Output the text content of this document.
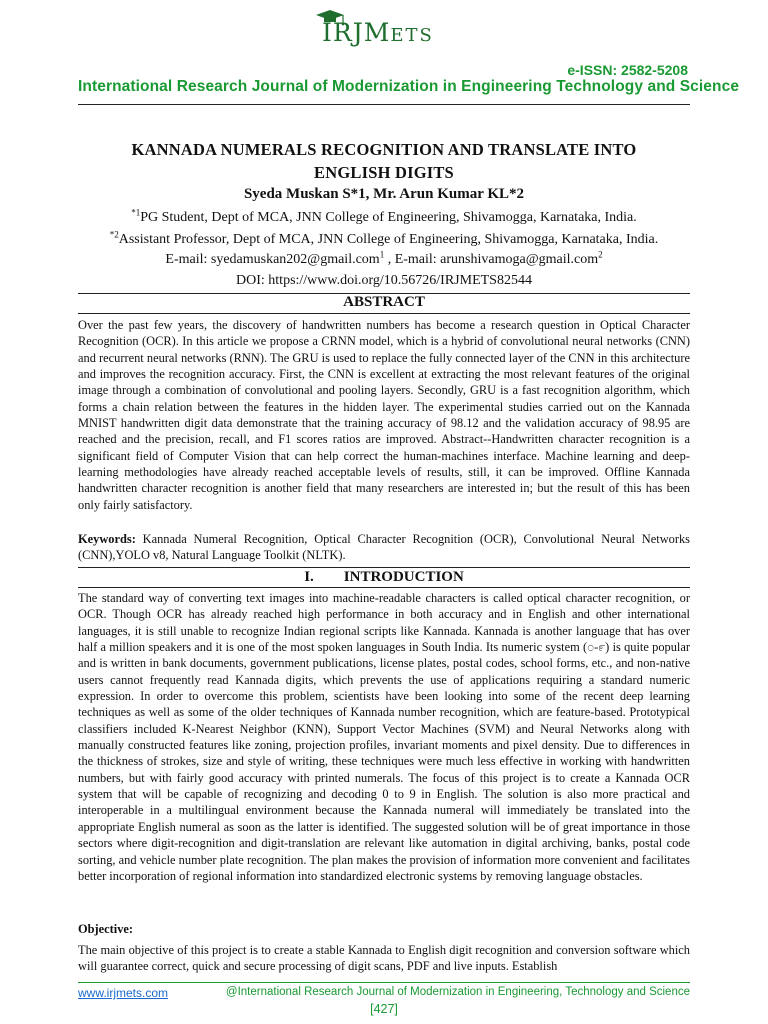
IRJMETS
e-ISSN: 2582-5208
International Research Journal of Modernization in Engineering Technology and Science
KANNADA NUMERALS RECOGNITION AND TRANSLATE INTO
ENGLISH DIGITS
Syeda Muskan S*1, Mr. Arun Kumar KL*2
$^{*1}$PG Student, Dept of MCA, JNN College of Engineering, Shivamogga, Karnataka, India.
$^{*2}$Assistant Professor, Dept of MCA, JNN College of Engineering, Shivamogga, Karnataka, India.
E-mail: syedamuskan202@gmail.com$^1$ , E-mail: arunshivamoga@gmail.com$^2$
DOI: https://www.doi.org/10.56726/IRJMETS82544
ABSTRACT

Over the past few years, the discovery of handwritten numbers has become a research question in Optical Character Recognition (OCR). In this article we propose a CRNN model, which is a hybrid of convolutional neural networks (CNN) and recurrent neural networks (RNN). The GRU is used to replace the fully connected layer of the CNN in this architecture and improves the recognition accuracy. First, the CNN is excellent at extracting the most relevant features of the original image through a combination of convolutional and pooling layers. Secondly, GRU is a fast recognition algorithm, which forms a chain relation between the features in the hidden layer. The experimental studies carried out on the Kannada MNIST handwritten digit data demonstrate that the training accuracy of 98.12 and the validation accuracy of 98.95 are reached and the precision, recall, and F1 scores ratios are improved. Abstract--Handwritten character recognition is a significant field of Computer Vision that can help correct the human-machines interface. Machine learning and deep-learning methodologies have already reached acceptable levels of results, still, it can be improved. Offline Kannada handwritten character recognition is another field that many researchers are interested in; but the result of this has been only fairly satisfactory.

Keywords: Kannada Numeral Recognition, Optical Character Recognition (OCR), Convolutional Neural Networks (CNN),YOLO v8, Natural Language Toolkit (NLTK).

I.        INTRODUCTION

The standard way of converting text images into machine-readable characters is called optical character recognition, or OCR. Though OCR has already reached high performance in both accuracy and in English and other international languages, it is still unable to recognize Indian regional scripts like Kannada. Kannada is another language that has over half a million speakers and it is one of the most spoken languages in South India. Its numeric system (೦-೯) is quite popular and is written in bank documents, government publications, license plates, postal codes, school forms, etc., and non-native users cannot frequently read Kannada digits, which prevents the use of applications requiring a standard numeric expression. In order to overcome this problem, scientists have been looking into some of the recent deep learning techniques as well as some of the older techniques of Kannada number recognition, which are feature-based. Prototypical classifiers included K-Nearest Neighbor (KNN), Support Vector Machines (SVM) and Neural Networks along with manually constructed features like zoning, projection profiles, invariant moments and pixel density. Due to differences in the thickness of strokes, size and style of writing, these techniques were much less effective in working with handwritten numbers, but with fairly good accuracy with printed numerals. The focus of this project is to create a Kannada OCR system that will be capable of recognizing and decoding 0 to 9 in English. The solution is also more practical and interoperable in a multilingual environment because the Kannada numeral will immediately be translated into the appropriate English numeral as soon as the latter is identified. The suggested solution will be of great importance in those sectors where digit-recognition and digit-translation are relevant like automation in digital archiving, banks, postal code sorting, and vehicle number plate recognition. The plan makes the provision of information more convenient and facilitates better incorporation of regional information into standardized electronic systems by removing language obstacles.

Objective:

The main objective of this project is to create a stable Kannada to English digit recognition and conversion software which will guarantee correct, quick and secure processing of digit scans, PDF and live inputs. Establish

www.irjmets.com	@International Research Journal of Modernization in Engineering, Technology and Science
[427]
